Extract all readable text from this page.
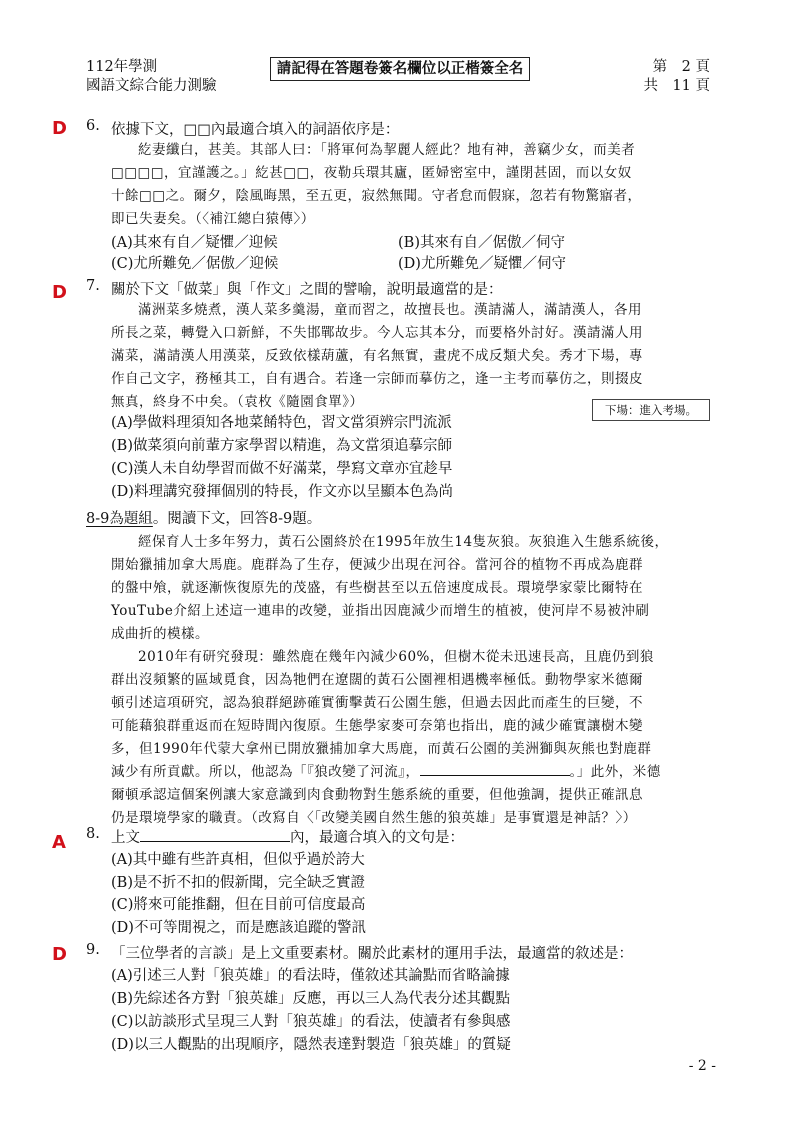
112年學測
國語文綜合能力測驗
請記得在答題卷簽名欄位以正楷簽全名	第　2 頁
共　11 頁
D 6. 依據下文，□□內最適合填入的詞語依序是：
紇妻纖白，甚美。其部人曰：「將軍何為挈麗人經此？地有神，善竊少女，而美者
□□□□，宜謹護之。」紇甚□□，夜勒兵環其廬，匿婦密室中，謹閉甚固，而以女奴
十餘□□之。爾夕，陰風晦黑，至五更，寂然無聞。守者怠而假寐，忽若有物驚寤者，
即已失妻矣。（〈補江總白猿傳〉）
(A)其來有自／疑懼／迎候	(B)其來有自／倨傲／伺守
(C)尤所難免／倨傲／迎候	(D)尤所難免／疑懼／伺守
D 7. 關於下文「做菜」與「作文」之間的譬喻，說明最適當的是：
滿洲菜多燒煮，漢人菜多羹湯，童而習之，故擅長也。漢請滿人，滿請漢人，各用
所長之菜，轉覺入口新鮮，不失邯鄲故步。今人忘其本分，而要格外討好。漢請滿人用
滿菜，滿請漢人用漢菜，反致依樣葫蘆，有名無實，畫虎不成反類犬矣。秀才下場，專
作自己文字，務極其工，自有遇合。若逢一宗師而摹仿之，逢一主考而摹仿之，則掇皮
無真，終身不中矣。（袁枚《隨園食單》）	下場：進入考場。
(A)學做料理須知各地菜餚特色，習文當須辨宗門流派
(B)做菜須向前輩方家學習以精進，為文當須追摹宗師
(C)漢人未自幼學習而做不好滿菜，學寫文章亦宜趁早
(D)料理講究發揮個別的特長，作文亦以呈顯本色為尚
8-9為題組。閱讀下文，回答8-9題。
經保育人士多年努力，黃石公園終於在1995年放生14隻灰狼。灰狼進入生態系統後，
開始獵捕加拿大馬鹿。鹿群為了生存，便減少出現在河谷。當河谷的植物不再成為鹿群
的盤中飧，就逐漸恢復原先的茂盛，有些樹甚至以五倍速度成長。環境學家蒙比爾特在
YouTube介紹上述這一連串的改變，並指出因鹿減少而增生的植被，使河岸不易被沖刷
成曲折的模樣。
2010年有研究發現：雖然鹿在幾年內減少60%，但樹木從未迅速長高，且鹿仍到狼
群出沒頻繁的區域覓食，因為牠們在遼闊的黃石公園裡相遇機率極低。動物學家米德爾
頓引述這項研究，認為狼群絕跡確實衝擊黃石公園生態，但過去因此而產生的巨變，不
可能藉狼群重返而在短時間內復原。生態學家麥可奈第也指出，鹿的減少確實讓樹木變
多，但1990年代蒙大拿州已開放獵捕加拿大馬鹿，而黃石公園的美洲獅與灰熊也對鹿群
減少有所貢獻。所以，他認為「『狼改變了河流』，	。」此外，米德
爾頓承認這個案例讓大家意識到肉食動物對生態系統的重要，但他強調，提供正確訊息
仍是環境學家的職責。（改寫自〈「改變美國自然生態的狼英雄」是事實還是神話？〉）
A 8. 上文	內，最適合填入的文句是：
(A)其中雖有些許真相，但似乎過於誇大
(B)是不折不扣的假新聞，完全缺乏實證
(C)將來可能推翻，但在目前可信度最高
(D)不可等閒視之，而是應該追蹤的警訊
D 9. 「三位學者的言談」是上文重要素材。關於此素材的運用手法，最適當的敘述是：
(A)引述三人對「狼英雄」的看法時，僅敘述其論點而省略論據
(B)先綜述各方對「狼英雄」反應，再以三人為代表分述其觀點
(C)以訪談形式呈現三人對「狼英雄」的看法，使讀者有參與感
(D)以三人觀點的出現順序，隱然表達對製造「狼英雄」的質疑
- 2 -
